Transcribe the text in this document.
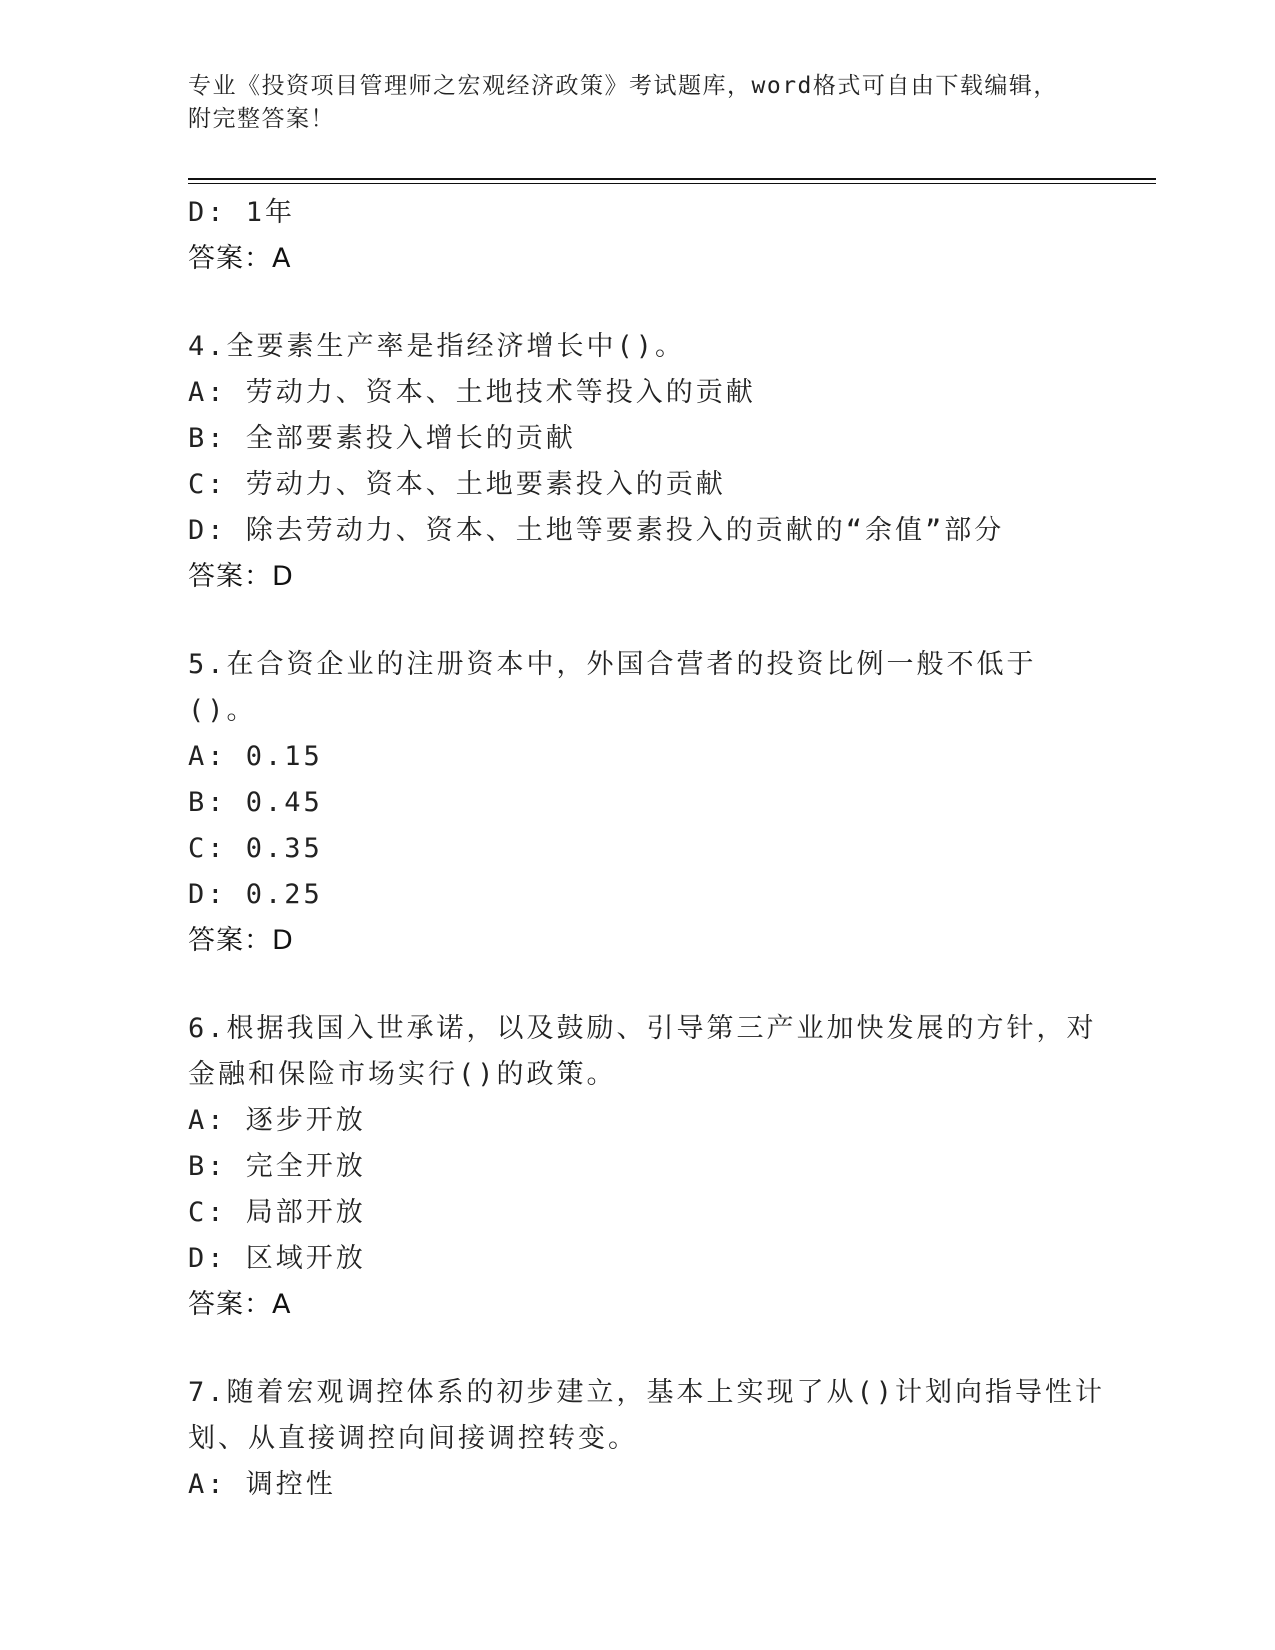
专业《投资项目管理师之宏观经济政策》考试题库，word格式可自由下载编辑，
附完整答案！
D: 1年
答案：A
4.全要素生产率是指经济增长中()。
A: 劳动力、资本、土地技术等投入的贡献
B: 全部要素投入增长的贡献
C: 劳动力、资本、土地要素投入的贡献
D: 除去劳动力、资本、土地等要素投入的贡献的“余值”部分
答案：D
5.在合资企业的注册资本中，外国合营者的投资比例一般不低于()。
A: 0.15
B: 0.45
C: 0.35
D: 0.25
答案：D
6.根据我国入世承诺，以及鼓励、引导第三产业加快发展的方针，对
金融和保险市场实行()的政策。
A: 逐步开放
B: 完全开放
C: 局部开放
D: 区域开放
答案：A
7.随着宏观调控体系的初步建立，基本上实现了从()计划向指导性计
划、从直接调控向间接调控转变。
A: 调控性
